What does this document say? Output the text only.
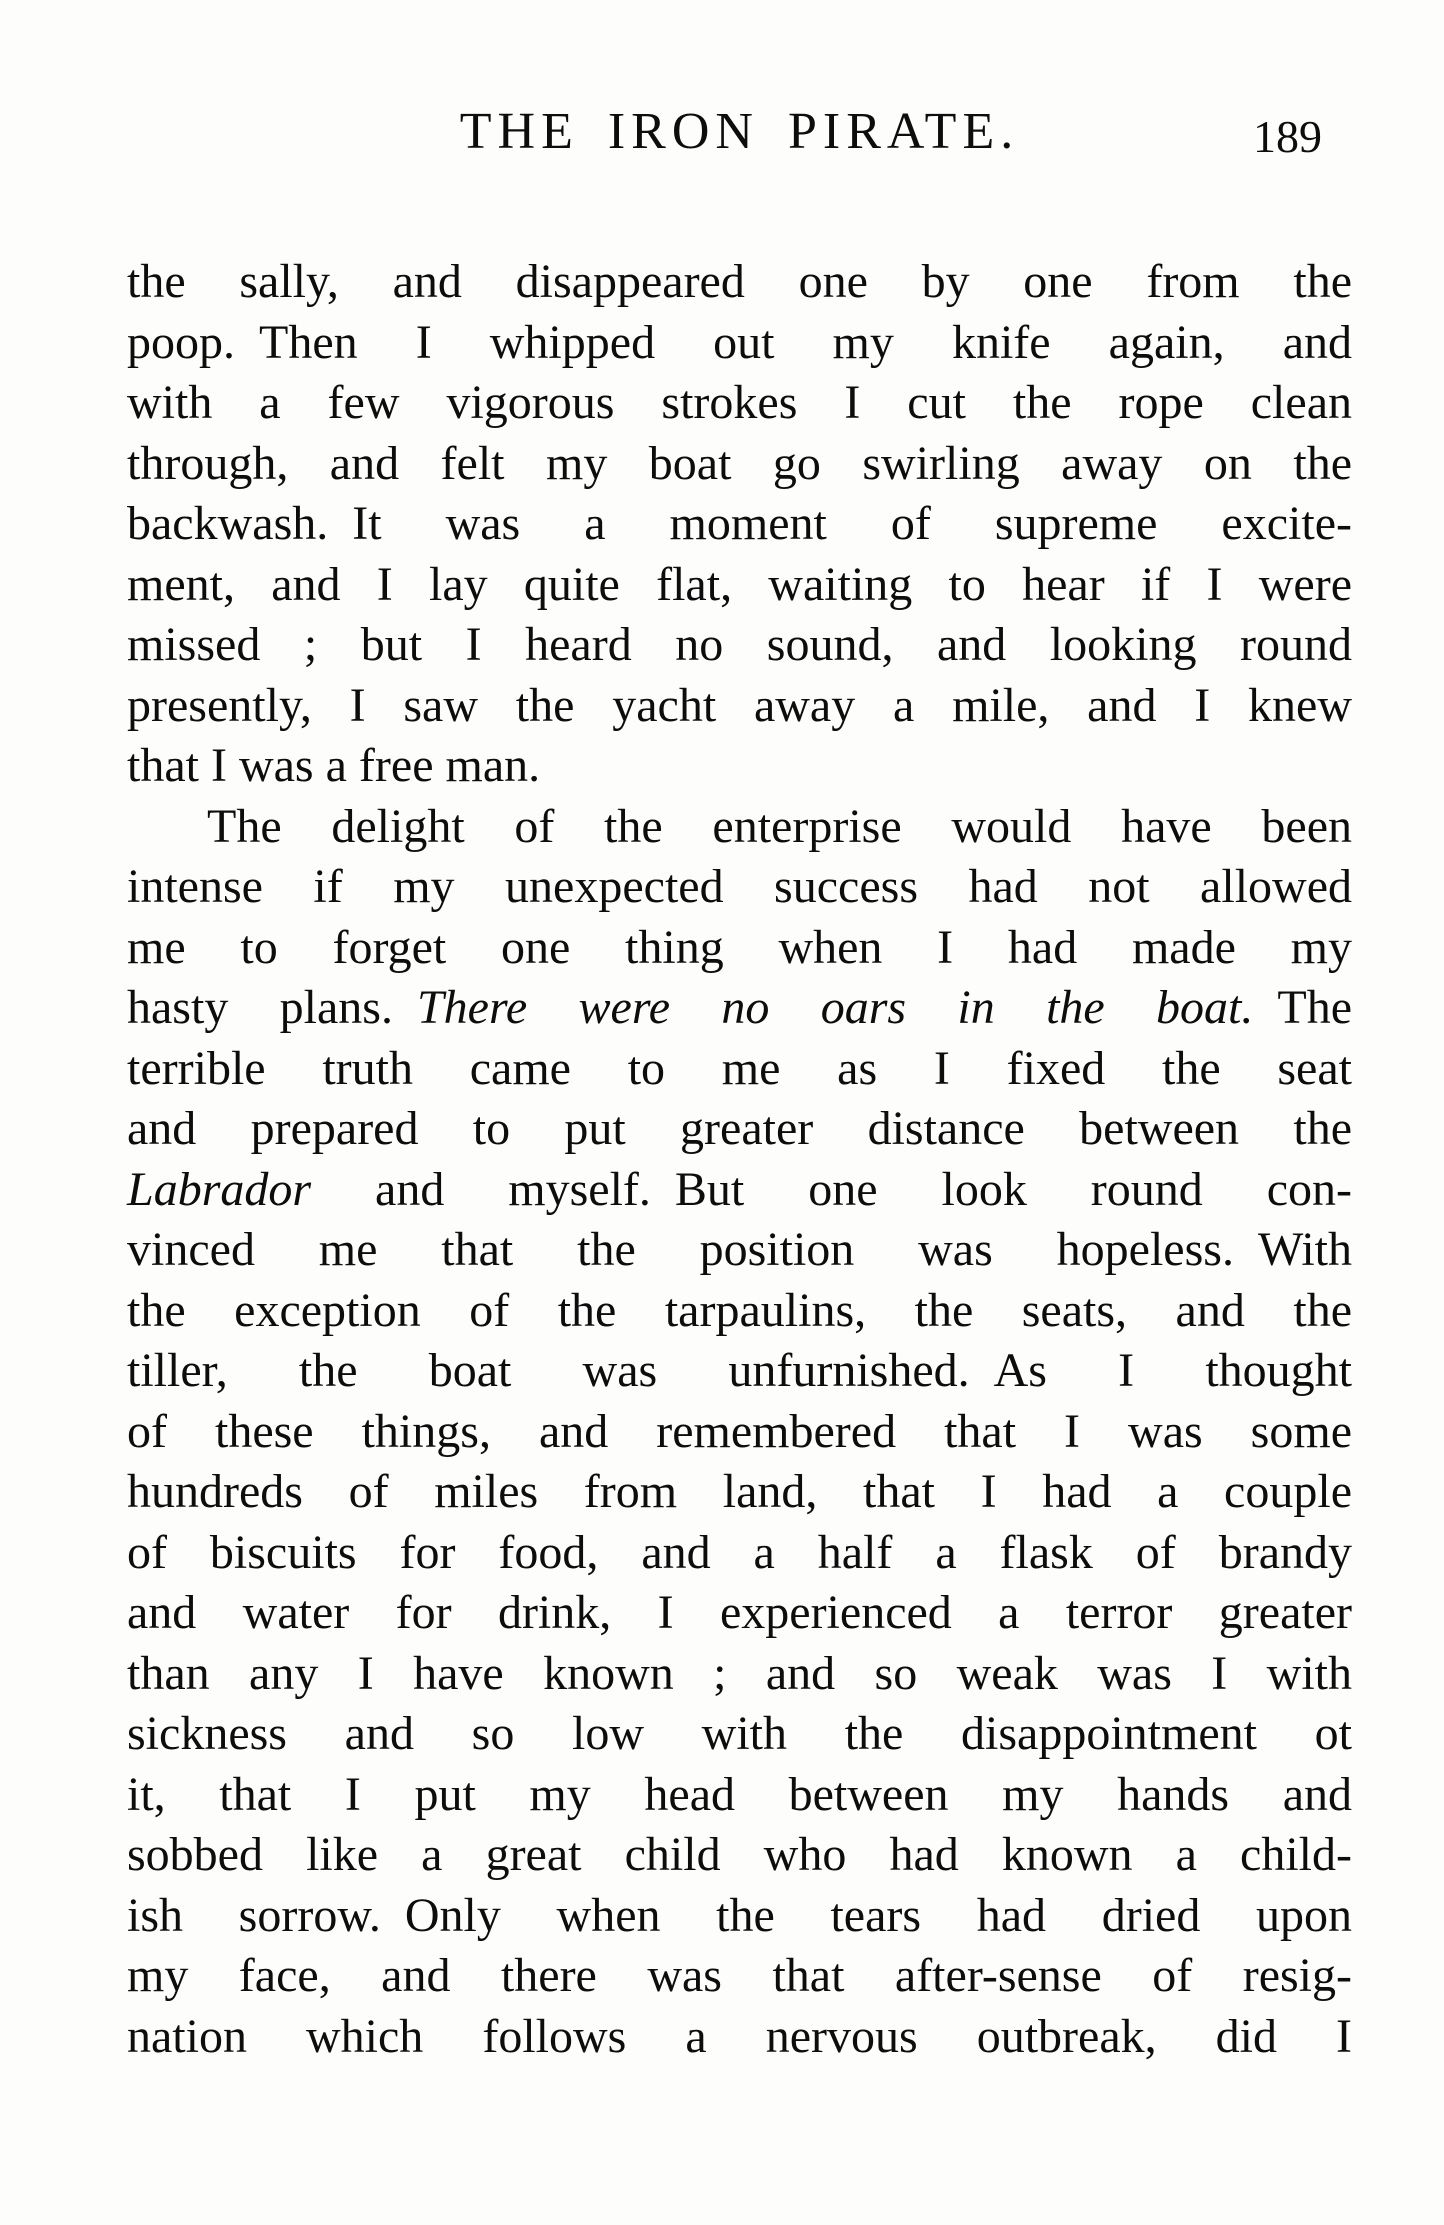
THE IRON PIRATE.	189
the sally, and disappeared one by one from the
poop. Then I whipped out my knife again, and
with a few vigorous strokes I cut the rope clean
through, and felt my boat go swirling away on the
backwash. It was a moment of supreme excite-
ment, and I lay quite flat, waiting to hear if I were
missed ; but I heard no sound, and looking round
presently, I saw the yacht away a mile, and I knew
that I was a free man.
The delight of the enterprise would have been
intense if my unexpected success had not allowed
me to forget one thing when I had made my
hasty plans. There were no oars in the boat. The
terrible truth came to me as I fixed the seat
and prepared to put greater distance between the
Labrador and myself. But one look round con-
vinced me that the position was hopeless. With
the exception of the tarpaulins, the seats, and the
tiller, the boat was unfurnished. As I thought
of these things, and remembered that I was some
hundreds of miles from land, that I had a couple
of biscuits for food, and a half a flask of brandy
and water for drink, I experienced a terror greater
than any I have known ; and so weak was I with
sickness and so low with the disappointment ot
it, that I put my head between my hands and
sobbed like a great child who had known a child-
ish sorrow. Only when the tears had dried upon
my face, and there was that after-sense of resig-
nation which follows a nervous outbreak, did I
